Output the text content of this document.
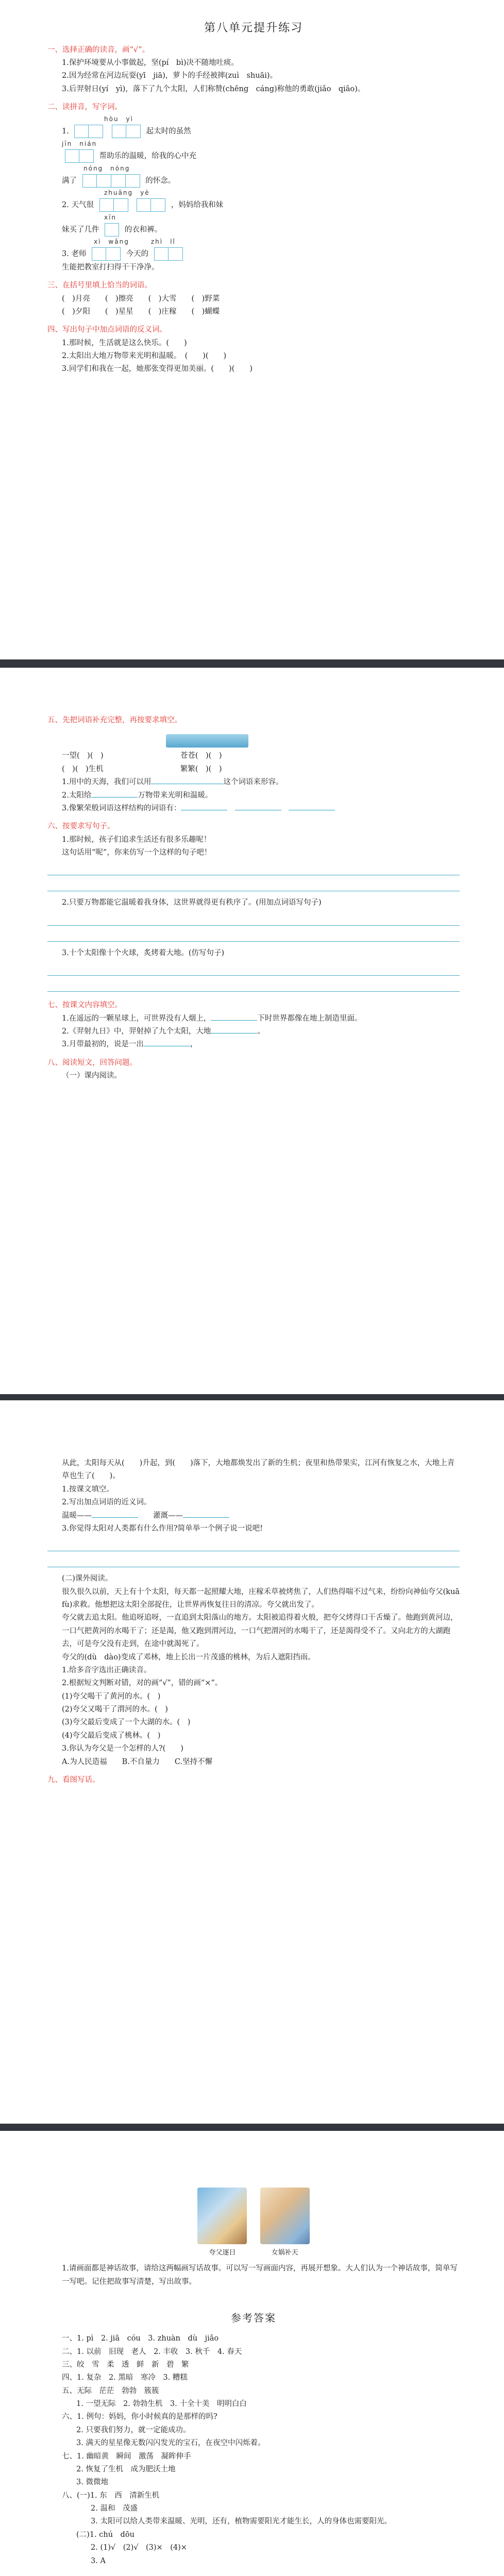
第八单元提升练习

一、选择正确的读音，画“√”。

1.保护环境要从小事做起，坚(pí　bì)决不随地吐痰。

2.因为经常在河边玩耍(yī　jiā)，萝卜的手经被摔(zuì　shuāi)。

3.后羿射日(yí　yì)，落下了九个太阳，人们称赞(chēng　cáng)称他的勇敢(jiǎo　qiāo)。

二、读拼音，写字词。

hòu　yì

1.	起太时的虽然

jīn　nián

帮助乐的温暖，给我的心中充

nóng　nóng

满了	的怀念。

zhuāng　yè

2. 天气很	，妈妈给我和妹

xīn

妹买了几件	的衣和裤。

xì　wǎng　　　zhì　lǐ

3. 老师	今天的

生能把教室打扫得干干净净。

三、在括号里填上恰当的词语。

(　)月亮　　(　)擦亮　　(　)大雪　　(　)野菜

(　)夕阳　　(　)星星　　(　)庄稼　　(　)蝴蝶

四、写出句子中加点词语的反义词。

1.那时候，生活就是这么快乐。(　　)

2.太阳出大地万物带来光明和温暖。　(　　)(　　)

3.同学们和我在一起，她那张变得更加美丽。(　　)(　　)

五、先把词语补充完整，再按要求填空。

一望(　)(　)	苍苍(　)(　)

(　)(　)生机	繁繁(　)(　)

1.用中的天海，我们可以用	这个词语来形容。

2.太阳给	万物带来光明和温暖。

3.像繁荣般词语这样结构的词语有：　　

六、按要求写句子。

1.那时候，孩子们追求生活还有很多乐趣呢！

这句话用“呢”，你来仿写一个这样的句子吧！

2.只要万物都能它温暖着我身体，这世界就得更有秩序了。(用加点词语写句子)

3.十个太阳像十个火球，炙烤着大地。(仿写句子)

七、按课文内容填空。

1.在遥远的一颗星球上，可世界没有人烟上，	下时世界都像在地上制造里面。

2.《羿射九日》中，羿射掉了九个太阳，大地	。

3.月带最初的，说是一出	，

八、阅读短文，回答问题。

（一）课内阅读。

从此，太阳每天从(　　)升起，到(　　)落下，大地都焕发出了新的生机；夜里和热带果实，江河有恢复之水，大地上青草也生了(　　)。

1.按课文填空。

2.写出加点词语的近义词。

温暖——　　	灌溉——

3.你觉得太阳对人类都有什么作用?简单举一个例子说一说吧!

(二)课外阅读。

很久很久以前，天上有十个太阳，每天都一起照耀大地，庄稼禾草被烤焦了，人们热得喘不过气来，纷纷向神仙夸父(kuā　fù)求救。他想把这太阳全部捉住，让世界再恢复往日的清凉。夸父就出发了。

夸父就去追太阳。他追呀追呀，一直追到太阳落山的地方。太阳被追得着火般，把夸父烤得口干舌燥了。他跑到黄河边，一口气把黄河的水喝干了；还是渴，他又跑到渭河边，一口气把渭河的水喝干了，还是渴得受不了。又向北方的大湖跑去，可是夸父没有走到，在途中就渴死了。

夸父的(dù　dào)变成了邓林，地上长出一片茂盛的桃林，为后人遮阳挡雨。

1.给多音字选出正确读音。

2.根据短文判断对错，对的画“√”，错的画“×”。

(1)夸父喝干了黄河的水。(　)

(2)夸父又喝干了渭河的水。(　)

(3)夸父最后变成了一个大湖的水。(　)

(4)夸父最后变成了桃林。(　)

3.你认为夸父是一个怎样的人?(　　)

A.为人民造福　　B.不自量力　　C.坚持不懈

九、看图写话。

夸父逐日	女娲补天

1.请画面都是神话故事，请给这两幅画写话故事。可以写一写画面内容，再展开想象。大人们认为一个神话故事，简单写一写吧。记住把故事写清楚，写出故事。

参考答案

一、1. pì　2. jiā　cóu　3. zhuàn　dù　jiǎo

二、1. 以前　旧现　老人　2. 丰收　3. 秋千　4. 春天

三、皎　雪　柔　透　鲜　新　碧　繁

四、1. 复杂　2. 黑暗　寒冷　3. 糟糕

五、无际　茫茫　勃勃　簇簇

1. 一望无际　2. 勃勃生机　3. 十全十美　明明白白

六、1. 例句：妈妈，你小时候真的是那样的吗?

2. 只要我们努力，就一定能成功。

3. 满天的星星像无数闪闪发光的宝石，在夜空中闪烁着。

七、1. 幽暗黄　瞬间　激荡　凝眸伸手

2. 恢复了生机　成为肥沃土地

3. 微微地

八、(一)1. 东　西　清新生机

2. 温和　茂盛

3. 太阳可以给人类带来温暖、光明，还有，植物需要阳光才能生长，人的身体也需要阳光。

(二)1. chú　dōu

2. (1)√　(2)√　(3)×　(4)×

3. A
